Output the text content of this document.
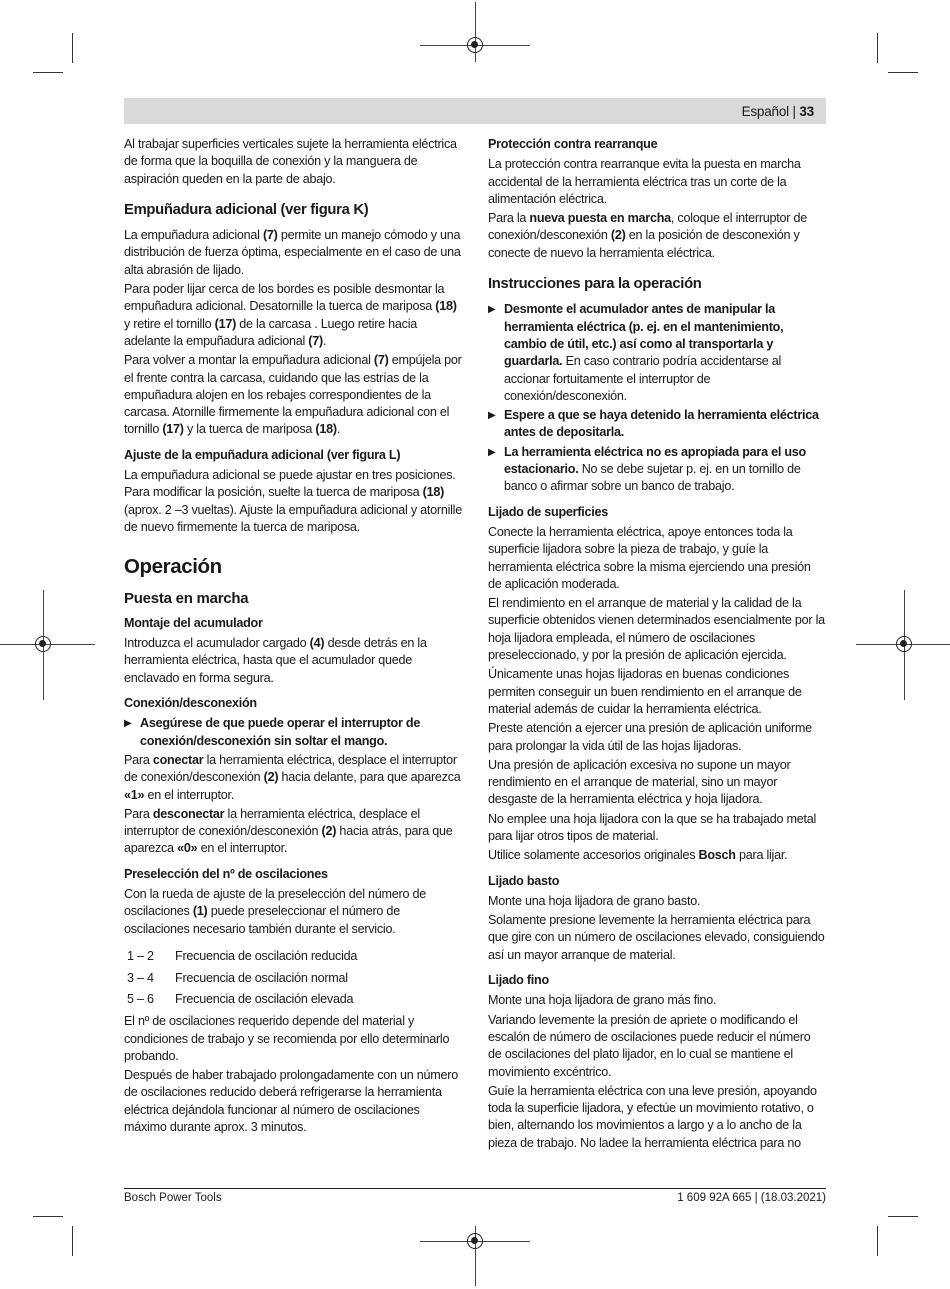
Español | 33

Al trabajar superficies verticales sujete la herramienta eléctrica de forma que la boquilla de conexión y la manguera de aspiración queden en la parte de abajo.

Empuñadura adicional (ver figura K)

La empuñadura adicional (7) permite un manejo cómodo y una distribución de fuerza óptima, especialmente en el caso de una alta abrasión de lijado.

Para poder lijar cerca de los bordes es posible desmontar la empuñadura adicional. Desatornille la tuerca de mariposa (18) y retire el tornillo (17) de la carcasa . Luego retire hacia adelante la empuñadura adicional (7).

Para volver a montar la empuñadura adicional (7) empújela por el frente contra la carcasa, cuidando que las estrías de la empuñadura alojen en los rebajes correspondientes de la carcasa. Atornille firmemente la empuñadura adicional con el tornillo (17) y la tuerca de mariposa (18).

Ajuste de la empuñadura adicional (ver figura L)

La empuñadura adicional se puede ajustar en tres posiciones. Para modificar la posición, suelte la tuerca de mariposa (18) (aprox. 2 –3 vueltas). Ajuste la empuñadura adicional y atornille de nuevo firmemente la tuerca de mariposa.

Operación
Puesta en marcha
Montaje del acumulador

Introduzca el acumulador cargado (4) desde detrás en la herramienta eléctrica, hasta que el acumulador quede enclavado en forma segura.

Conexión/desconexión

▶ Asegúrese de que puede operar el interruptor de conexión/desconexión sin soltar el mango.

Para conectar la herramienta eléctrica, desplace el interruptor de conexión/desconexión (2) hacia delante, para que aparezca «1» en el interruptor.

Para desconectar la herramienta eléctrica, desplace el interruptor de conexión/desconexión (2) hacia atrás, para que aparezca «0» en el interruptor.

Preselección del nº de oscilaciones

Con la rueda de ajuste de la preselección del número de oscilaciones (1) puede preseleccionar el número de oscilaciones necesario también durante el servicio.

1 – 2	Frecuencia de oscilación reducida
3 – 4	Frecuencia de oscilación normal
5 – 6	Frecuencia de oscilación elevada

El nº de oscilaciones requerido depende del material y condiciones de trabajo y se recomienda por ello determinarlo probando.

Después de haber trabajado prolongadamente con un número de oscilaciones reducido deberá refrigerarse la herramienta eléctrica dejándola funcionar al número de oscilaciones máximo durante aprox. 3 minutos.

Protección contra rearranque

La protección contra rearranque evita la puesta en marcha accidental de la herramienta eléctrica tras un corte de la alimentación eléctrica.

Para la nueva puesta en marcha, coloque el interruptor de conexión/desconexión (2) en la posición de desconexión y conecte de nuevo la herramienta eléctrica.

Instrucciones para la operación

▶ Desmonte el acumulador antes de manipular la herramienta eléctrica (p. ej. en el mantenimiento, cambio de útil, etc.) así como al transportarla y guardarla. En caso contrario podría accidentarse al accionar fortuitamente el interruptor de conexión/desconexión.

▶ Espere a que se haya detenido la herramienta eléctrica antes de depositarla.

▶ La herramienta eléctrica no es apropiada para el uso estacionario. No se debe sujetar p. ej. en un tornillo de banco o afirmar sobre un banco de trabajo.

Lijado de superficies

Conecte la herramienta eléctrica, apoye entonces toda la superficie lijadora sobre la pieza de trabajo, y guíe la herramienta eléctrica sobre la misma ejerciendo una presión de aplicación moderada.

El rendimiento en el arranque de material y la calidad de la superficie obtenidos vienen determinados esencialmente por la hoja lijadora empleada, el número de oscilaciones preseleccionado, y por la presión de aplicación ejercida.

Únicamente unas hojas lijadoras en buenas condiciones permiten conseguir un buen rendimiento en el arranque de material además de cuidar la herramienta eléctrica.

Preste atención a ejercer una presión de aplicación uniforme para prolongar la vida útil de las hojas lijadoras.

Una presión de aplicación excesiva no supone un mayor rendimiento en el arranque de material, sino un mayor desgaste de la herramienta eléctrica y hoja lijadora.

No emplee una hoja lijadora con la que se ha trabajado metal para lijar otros tipos de material.

Utilice solamente accesorios originales Bosch para lijar.

Lijado basto

Monte una hoja lijadora de grano basto.

Solamente presione levemente la herramienta eléctrica para que gire con un número de oscilaciones elevado, consiguiendo así un mayor arranque de material.

Lijado fino

Monte una hoja lijadora de grano más fino.

Variando levemente la presión de apriete o modificando el escalón de número de oscilaciones puede reducir el número de oscilaciones del plato lijador, en lo cual se mantiene el movimiento excéntrico.

Guíe la herramienta eléctrica con una leve presión, apoyando toda la superficie lijadora, y efectúe un movimiento rotativo, o bien, alternando los movimientos a largo y a lo ancho de la pieza de trabajo. No ladee la herramienta eléctrica para no

Bosch Power Tools	1 609 92A 665 | (18.03.2021)
